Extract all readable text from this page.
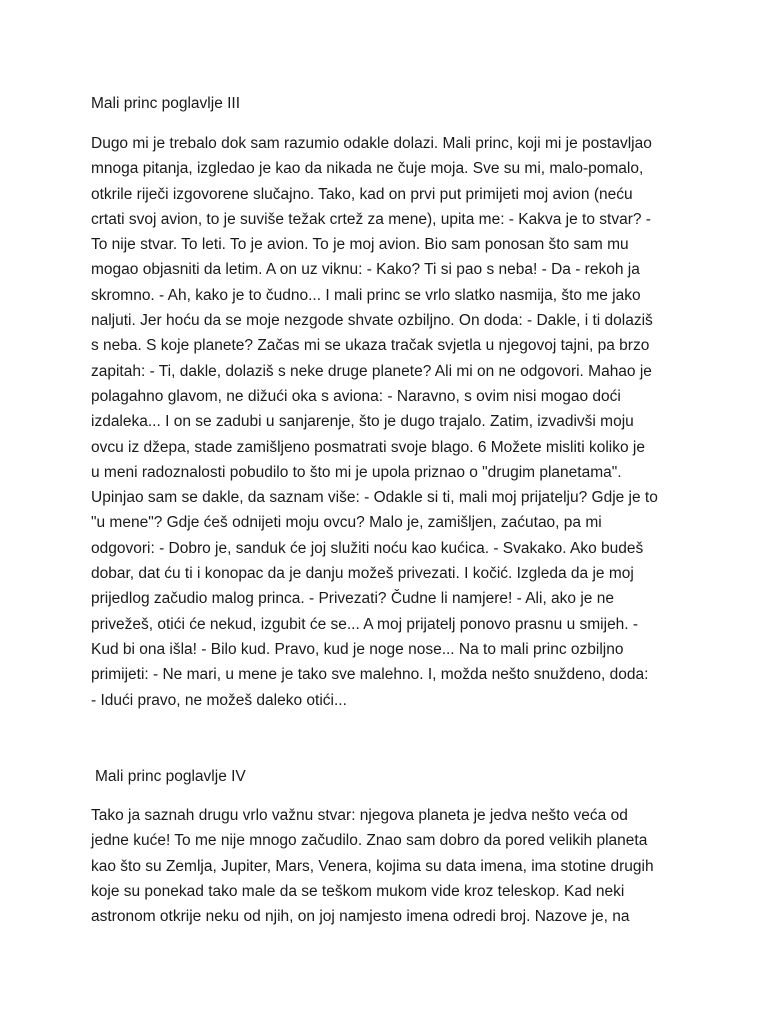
Mali princ poglavlje III
Dugo mi je trebalo dok sam razumio odakle dolazi. Mali princ, koji mi je postavljao
mnoga pitanja, izgledao je kao da nikada ne čuje moja. Sve su mi, malo-pomalo,
otkrile riječi izgovorene slučajno. Tako, kad on prvi put primijeti moj avion (neću
crtati svoj avion, to je suviše težak crtež za mene), upita me: - Kakva je to stvar? -
To nije stvar. To leti. To je avion. To je moj avion. Bio sam ponosan što sam mu
mogao objasniti da letim. A on uz viknu: - Kako? Ti si pao s neba! - Da - rekoh ja
skromno. - Ah, kako je to čudno... I mali princ se vrlo slatko nasmija, što me jako
naljuti. Jer hoću da se moje nezgode shvate ozbiljno. On doda: - Dakle, i ti dolaziš
s neba. S koje planete? Začas mi se ukaza tračak svjetla u njegovoj tajni, pa brzo
zapitah: - Ti, dakle, dolaziš s neke druge planete? Ali mi on ne odgovori. Mahao je
polagahno glavom, ne dižući oka s aviona: - Naravno, s ovim nisi mogao doći
izdaleka... I on se zadubi u sanjarenje, što je dugo trajalo. Zatim, izvadivši moju
ovcu iz džepa, stade zamišljeno posmatrati svoje blago. 6 Možete misliti koliko je
u meni radoznalosti pobudilo to što mi je upola priznao o "drugim planetama".
Upinjao sam se dakle, da saznam više: - Odakle si ti, mali moj prijatelju? Gdje je to
"u mene"? Gdje ćeš odnijeti moju ovcu? Malo je, zamišljen, zaćutao, pa mi
odgovori: - Dobro je, sanduk će joj služiti noću kao kućica. - Svakako. Ako budeš
dobar, dat ću ti i konopac da je danju možeš privezati. I kočić. Izgleda da je moj
prijedlog začudio malog princa. - Privezati? Čudne li namjere! - Ali, ako je ne
privežeš, otići će nekud, izgubit će se... A moj prijatelj ponovo prasnu u smijeh. -
Kud bi ona išla! - Bilo kud. Pravo, kud je noge nose... Na to mali princ ozbiljno
primijeti: - Ne mari, u mene je tako sve malehno. I, možda nešto snuždeno, doda:
- Idući pravo, ne možeš daleko otići...
Mali princ poglavlje IV
Tako ja saznah drugu vrlo važnu stvar: njegova planeta je jedva nešto veća od
jedne kuće! To me nije mnogo začudilo. Znao sam dobro da pored velikih planeta
kao što su Zemlja, Jupiter, Mars, Venera, kojima su data imena, ima stotine drugih
koje su ponekad tako male da se teškom mukom vide kroz teleskop. Kad neki
astronom otkrije neku od njih, on joj namjesto imena odredi broj. Nazove je, na
